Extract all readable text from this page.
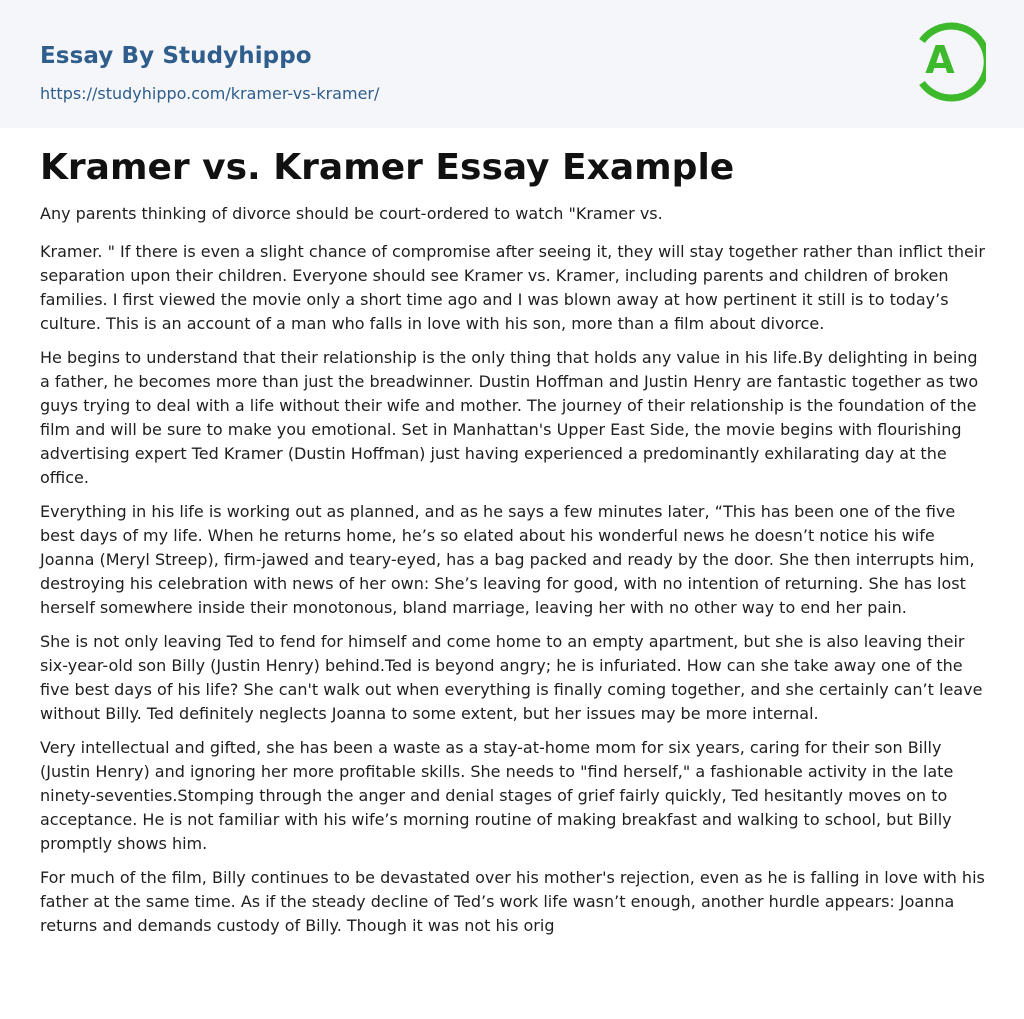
Essay By Studyhippo
https://studyhippo.com/kramer-vs-kramer/
A
Kramer vs. Kramer Essay Example

Any parents thinking of divorce should be court-ordered to watch "Kramer vs.

Kramer. " If there is even a slight chance of compromise after seeing it, they will stay together rather than inflict their separation upon their children. Everyone should see Kramer vs. Kramer, including parents and children of broken families. I first viewed the movie only a short time ago and I was blown away at how pertinent it still is to today’s culture. This is an account of a man who falls in love with his son, more than a film about divorce.

He begins to understand that their relationship is the only thing that holds any value in his life.By delighting in being a father, he becomes more than just the breadwinner. Dustin Hoffman and Justin Henry are fantastic together as two guys trying to deal with a life without their wife and mother. The journey of their relationship is the foundation of the film and will be sure to make you emotional. Set in Manhattan's Upper East Side, the movie begins with flourishing advertising expert Ted Kramer (Dustin Hoffman) just having experienced a predominantly exhilarating day at the office.

Everything in his life is working out as planned, and as he says a few minutes later, “This has been one of the five best days of my life. When he returns home, he’s so elated about his wonderful news he doesn’t notice his wife Joanna (Meryl Streep), firm-jawed and teary-eyed, has a bag packed and ready by the door. She then interrupts him, destroying his celebration with news of her own: She’s leaving for good, with no intention of returning. She has lost herself somewhere inside their monotonous, bland marriage, leaving her with no other way to end her pain.

She is not only leaving Ted to fend for himself and come home to an empty apartment, but she is also leaving their six-year-old son Billy (Justin Henry) behind.Ted is beyond angry; he is infuriated. How can she take away one of the five best days of his life? She can't walk out when everything is finally coming together, and she certainly can’t leave without Billy. Ted definitely neglects Joanna to some extent, but her issues may be more internal.

Very intellectual and gifted, she has been a waste as a stay-at-home mom for six years, caring for their son Billy (Justin Henry) and ignoring her more profitable skills. She needs to "find herself," a fashionable activity in the late ninety-seventies.Stomping through the anger and denial stages of grief fairly quickly, Ted hesitantly moves on to acceptance. He is not familiar with his wife’s morning routine of making breakfast and walking to school, but Billy promptly shows him.

For much of the film, Billy continues to be devastated over his mother's rejection, even as he is falling in love with his father at the same time. As if the steady decline of Ted’s work life wasn’t enough, another hurdle appears: Joanna returns and demands custody of Billy. Though it was not his orig
